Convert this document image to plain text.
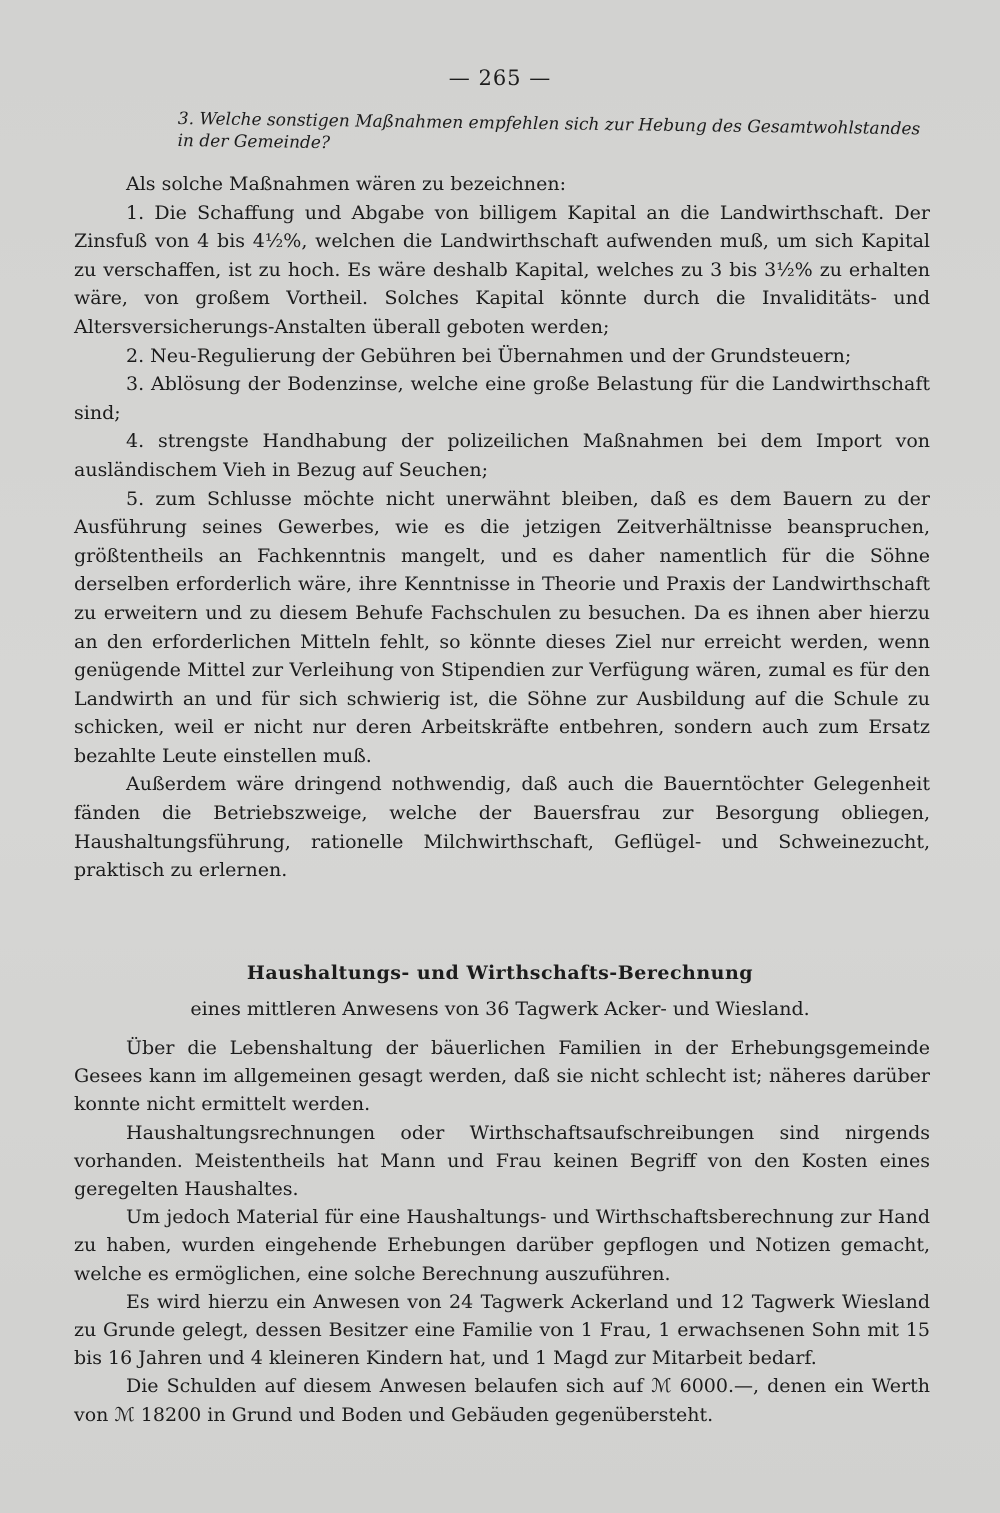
— 265 —
3. Welche sonstigen Maßnahmen empfehlen sich zur Hebung des Gesamtwohlstandes in der Gemeinde?

Als solche Maßnahmen wären zu bezeichnen:

1. Die Schaffung und Abgabe von billigem Kapital an die Landwirthschaft. Der Zinsfuß von 4 bis 4½%, welchen die Landwirthschaft aufwenden muß, um sich Kapital zu verschaffen, ist zu hoch. Es wäre deshalb Kapital, welches zu 3 bis 3½% zu erhalten wäre, von großem Vortheil. Solches Kapital könnte durch die Invaliditäts- und Altersversicherungs-Anstalten überall geboten werden;

2. Neu-Regulierung der Gebühren bei Übernahmen und der Grundsteuern;

3. Ablösung der Bodenzinse, welche eine große Belastung für die Landwirthschaft sind;

4. strengste Handhabung der polizeilichen Maßnahmen bei dem Import von ausländischem Vieh in Bezug auf Seuchen;

5. zum Schlusse möchte nicht unerwähnt bleiben, daß es dem Bauern zu der Ausführung seines Gewerbes, wie es die jetzigen Zeitverhältnisse beanspruchen, größtentheils an Fachkenntnis mangelt, und es daher namentlich für die Söhne derselben erforderlich wäre, ihre Kenntnisse in Theorie und Praxis der Landwirthschaft zu erweitern und zu diesem Behufe Fachschulen zu besuchen. Da es ihnen aber hierzu an den erforderlichen Mitteln fehlt, so könnte dieses Ziel nur erreicht werden, wenn genügende Mittel zur Verleihung von Stipendien zur Verfügung wären, zumal es für den Landwirth an und für sich schwierig ist, die Söhne zur Ausbildung auf die Schule zu schicken, weil er nicht nur deren Arbeitskräfte entbehren, sondern auch zum Ersatz bezahlte Leute einstellen muß.

Außerdem wäre dringend nothwendig, daß auch die Bauerntöchter Gelegenheit fänden die Betriebszweige, welche der Bauersfrau zur Besorgung obliegen, Haushaltungsführung, rationelle Milchwirthschaft, Geflügel- und Schweinezucht, praktisch zu erlernen.

Haushaltungs- und Wirthschafts-Berechnung
eines mittleren Anwesens von 36 Tagwerk Acker- und Wiesland.

Über die Lebenshaltung der bäuerlichen Familien in der Erhebungsgemeinde Gesees kann im allgemeinen gesagt werden, daß sie nicht schlecht ist; näheres darüber konnte nicht ermittelt werden.

Haushaltungsrechnungen oder Wirthschaftsaufschreibungen sind nirgends vorhanden. Meistentheils hat Mann und Frau keinen Begriff von den Kosten eines geregelten Haushaltes.

Um jedoch Material für eine Haushaltungs- und Wirthschaftsberechnung zur Hand zu haben, wurden eingehende Erhebungen darüber gepflogen und Notizen gemacht, welche es ermöglichen, eine solche Berechnung auszuführen.

Es wird hierzu ein Anwesen von 24 Tagwerk Ackerland und 12 Tagwerk Wiesland zu Grunde gelegt, dessen Besitzer eine Familie von 1 Frau, 1 erwachsenen Sohn mit 15 bis 16 Jahren und 4 kleineren Kindern hat, und 1 Magd zur Mitarbeit bedarf.

Die Schulden auf diesem Anwesen belaufen sich auf ℳ 6000.—, denen ein Werth von ℳ 18200 in Grund und Boden und Gebäuden gegenübersteht.
